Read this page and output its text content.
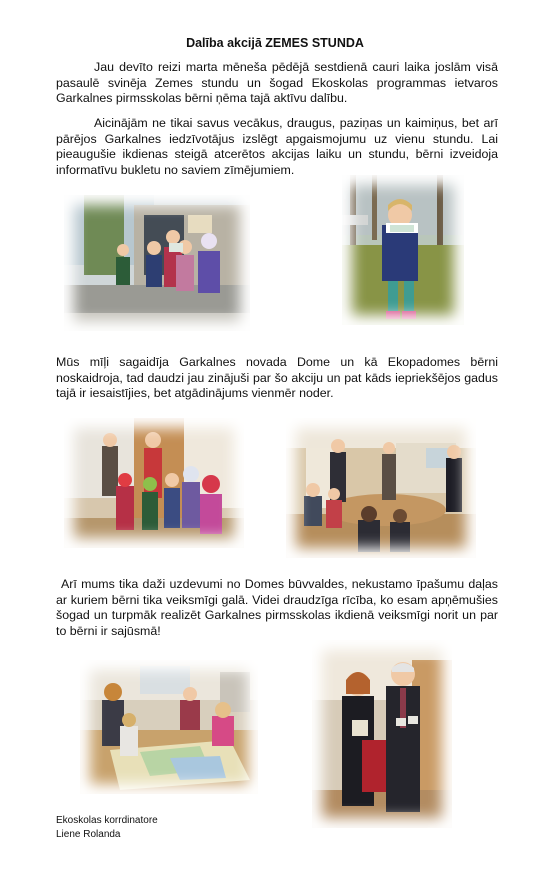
Dalība akcijā ZEMES STUNDA

Jau devīto reizi marta mēneša pēdējā sestdienā cauri laika joslām visā pasaulē svinēja Zemes stundu un šogad Ekoskolas programmas ietvaros Garkalnes pirmsskolas bērni ņēma tajā aktīvu dalību.

Aicinājām ne tikai savus vecākus, draugus, paziņas un kaimiņus, bet arī pārējos Garkalnes iedzīvotājus izslēgt apgaismojumu uz vienu stundu. Lai pieaugušie ikdienas steigā atcerētos akcijas laiku un stundu, bērni izveidoja informatīvu bukletu no saviem zīmējumiem.

Mūs mīļi sagaidīja Garkalnes novada Dome un kā Ekopadomes bērni noskaidroja, tad daudzi jau zinājuši par šo akciju un pat kāds iepriekšējos gadus tajā ir iesaistījies, bet atgādinājums vienmēr noder.

Arī mums tika daži uzdevumi no Domes būvvaldes, nekustamo īpašumu daļas ar kuriem bērni tika veiksmīgi galā. Videi draudzīga rīcība, ko esam apņēmušies šogad un turpmāk realizēt Garkalnes pirmsskolas ikdienā veiksmīgi norit un par to bērni ir sajūsmā!

Ekoskolas korrdinatore
Liene Rolanda
